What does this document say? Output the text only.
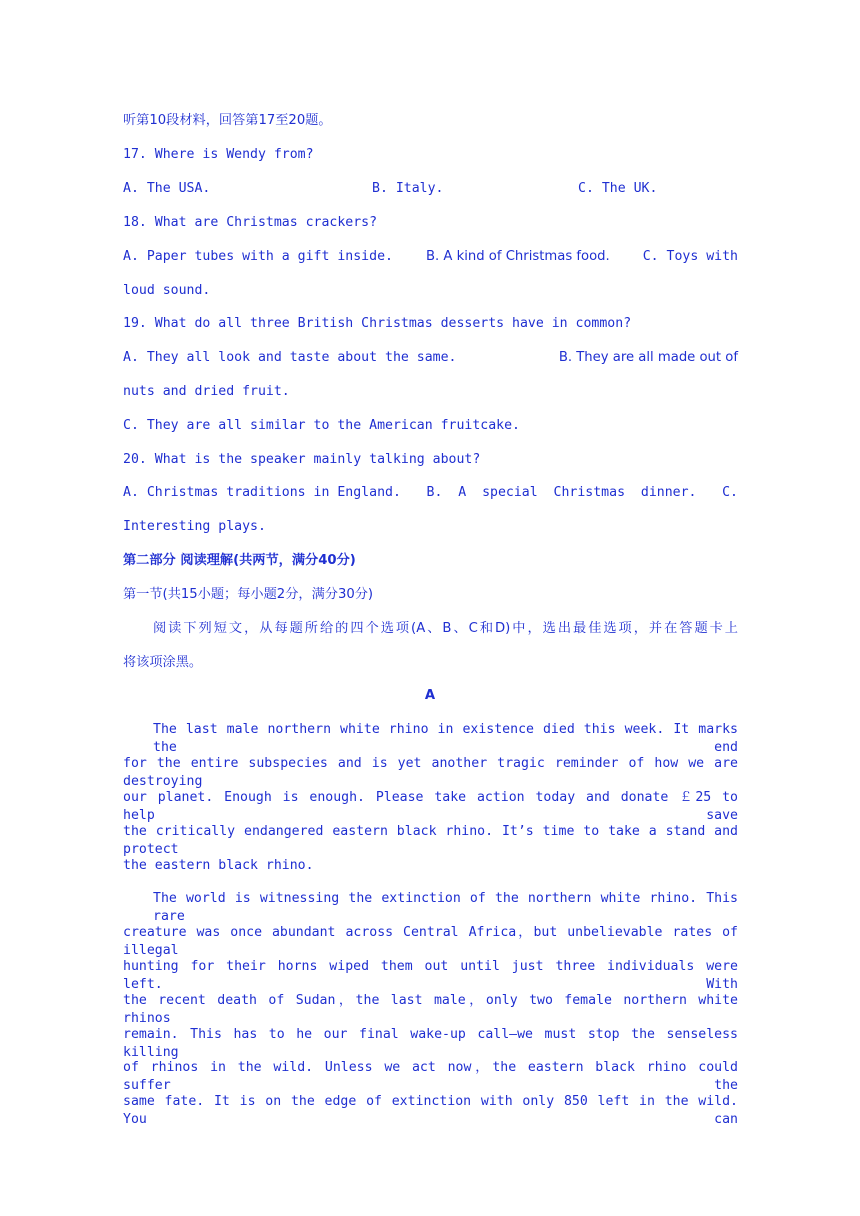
听第10段材料，回答第17至20题。
17. Where is Wendy from?
A. The USA.	B. Italy.	C. The UK.
18. What are Christmas crackers?
A. Paper tubes with a gift inside. B. A kind of Christmas food. C. Toys with
loud sound.
19. What do all three British Christmas desserts have in common?
A. They all look and taste about the same.	B. They are all made out of
nuts and dried fruit.
C. They are all similar to the American fruitcake.
20. What is the speaker mainly talking about?
A. Christmas traditions in England. B.  A  special  Christmas  dinner. C.
Interesting plays.
第二部分 阅读理解(共两节，满分40分)
第一节(共15小题；每小题2分，满分30分)
阅读下列短文，从每题所给的四个选项(A、B、C和D)中，选出最佳选项，并在答题卡上
将该项涂黑。
A
The last male northern white rhino in existence died this week. It marks the end
for the entire subspecies and is yet another tragic reminder of how we are destroying
our planet. Enough is enough. Please take action today and donate ￡25 to help save
the critically endangered eastern black rhino. It’s time to take a stand and protect
the eastern black rhino.
The world is witnessing the extinction of the northern white rhino. This rare
creature was once abundant across Central Africa，but unbelievable rates of illegal
hunting for their horns wiped them out until just three individuals were left. With
the recent death of Sudan，the last male，only two female northern white rhinos
remain. This has to he our final wake-up call—we must stop the senseless killing
of rhinos in the wild. Unless we act now，the eastern black rhino could suffer the
same fate. It is on the edge of extinction with only 850 left in the wild. You can
